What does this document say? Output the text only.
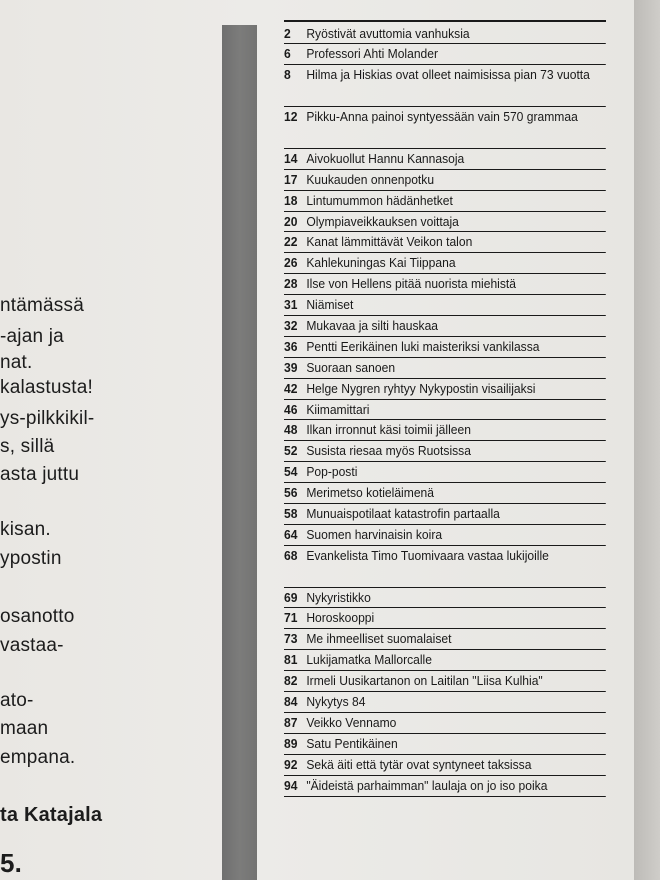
ntämässä
-ajan ja
nat.
kalastusta!
ys-pilkkikil-
s, sillä
asta juttu
kisan.
ypostin
osanotto
vastaa-
ato-
maan
empana.
ta Katajala
5.
2	Ryöstivät avuttomia vanhuksia
6	Professori Ahti Molander
8	Hilma ja Hiskias ovat olleet naimisissa pian 73 vuotta
12 Pikku-Anna painoi syntyessään vain 570 grammaa
14 Aivokuollut Hannu Kannasoja
17 Kuukauden onnenpotku
18 Lintumummon hädänhetket
20 Olympiaveikkauksen voittaja
22 Kanat lämmittävät Veikon talon
26 Kahlekuningas Kai Tiippana
28 Ilse von Hellens pitää nuorista miehistä
31 Niämiset
32 Mukavaa ja silti hauskaa
36 Pentti Eerikäinen luki maisteriksi vankilassa
39 Suoraan sanoen
42 Helge Nygren ryhtyy Nykypostin visailijaksi
46 Kiimamittari
48 Ilkan irronnut käsi toimii jälleen
52 Susista riesaa myös Ruotsissa
54 Pop-posti
56 Merimetso kotieläimenä
58 Munuaispotilaat katastrofin partaalla
64 Suomen harvinaisin koira
68 Evankelista Timo Tuomivaara vastaa lukijoille
69 Nykyristikko
71 Horoskooppi
73 Me ihmeelliset suomalaiset
81 Lukijamatka Mallorcalle
82 Irmeli Uusikartanon on Laitilan "Liisa Kulhia"
84 Nykytys 84
87 Veikko Vennamo
89 Satu Pentikäinen
92 Sekä äiti että tytär ovat syntyneet taksissa
94 "Äideistä parhaimman" laulaja on jo iso poika
